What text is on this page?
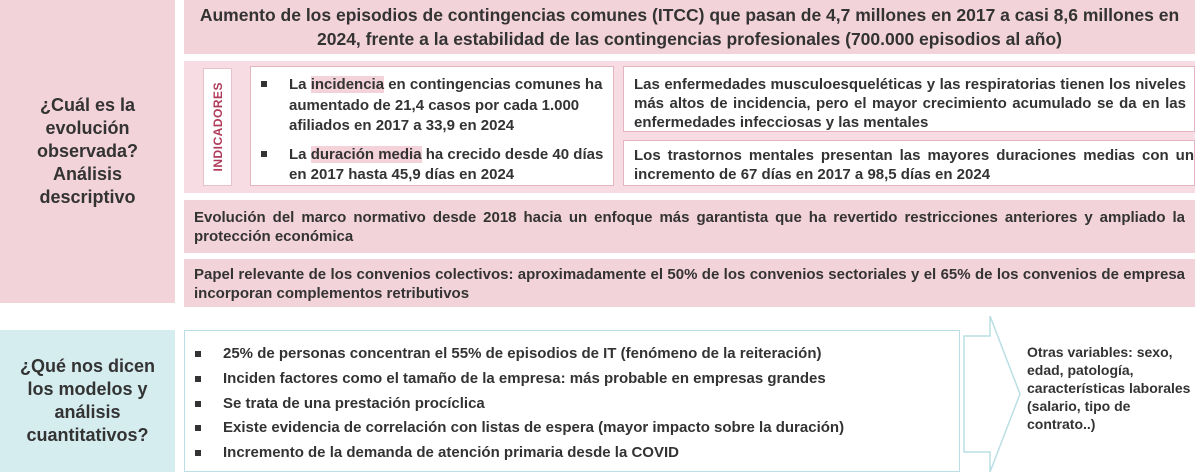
¿Cuál es la evolución observada? Análisis descriptivo
Aumento de los episodios de contingencias comunes (ITCC) que pasan de 4,7 millones en 2017 a casi 8,6 millones en 2024, frente a la estabilidad de las contingencias profesionales (700.000 episodios al año)
INDICADORES	La incidencia en contingencias comunes ha aumentado de 21,4 casos por cada 1.000 afiliados en 2017 a 33,9 en 2024
La duración media ha crecido desde 40 días en 2017 hasta 45,9 días en 2024
Las enfermedades musculoesqueléticas y las respiratorias tienen los niveles más altos de incidencia, pero el mayor crecimiento acumulado se da en las enfermedades infecciosas y las mentales
Los trastornos mentales presentan las mayores duraciones medias con un incremento de 67 días en 2017 a 98,5 días en 2024
Evolución del marco normativo desde 2018 hacia un enfoque más garantista que ha revertido restricciones anteriores y ampliado la protección económica
Papel relevante de los convenios colectivos: aproximadamente el 50% de los convenios sectoriales y el 65% de los convenios de empresa incorporan complementos retributivos
¿Qué nos dicen los modelos y análisis cuantitativos?
25% de personas concentran el 55% de episodios de IT (fenómeno de la reiteración)
Inciden factores como el tamaño de la empresa: más probable en empresas grandes
Se trata de una prestación procíclica
Existe evidencia de correlación con listas de espera (mayor impacto sobre la duración)
Incremento de la demanda de atención primaria desde la COVID
Otras variables: sexo, edad, patología, características laborales (salario, tipo de contrato..)
